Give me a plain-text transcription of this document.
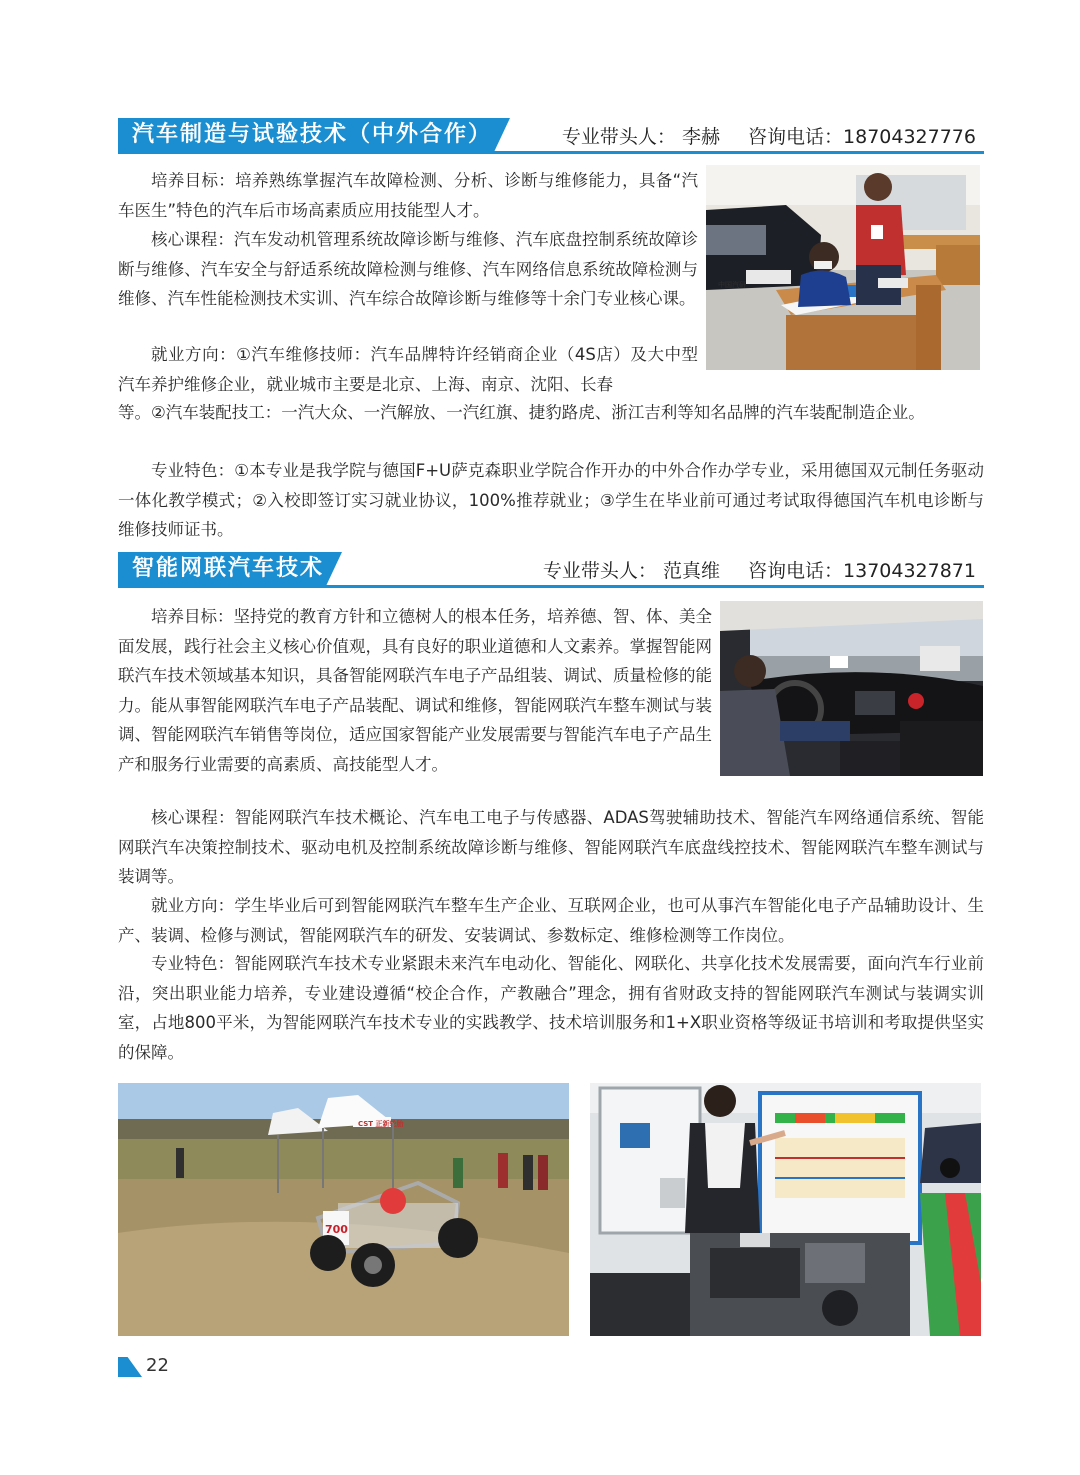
汽车制造与试验技术（中外合作）	专业带头人： 李赫 咨询电话：18704327776

培养目标：培养熟练掌握汽车故障检测、分析、诊断与维修能力，具备“汽车医生”特色的汽车后市场高素质应用技能型人才。

核心课程：汽车发动机管理系统故障诊断与维修、汽车底盘控制系统故障诊断与维修、汽车安全与舒适系统故障检测与维修、汽车网络信息系统故障检测与维修、汽车性能检测技术实训、汽车综合故障诊断与维修等十余门专业核心课。

就业方向：①汽车维修技师：汽车品牌特许经销商企业（4S店）及大中型汽车养护维修企业，就业城市主要是北京、上海、南京、沈阳、长春

等。②汽车装配技工：一汽大众、一汽解放、一汽红旗、捷豹路虎、浙江吉利等知名品牌的汽车装配制造企业。

专业特色：①本专业是我学院与德国F+U萨克森职业学院合作开办的中外合作办学专业，采用德国双元制任务驱动一体化教学模式；②入校即签订实习就业协议，100%推荐就业；③学生在毕业前可通过考试取得德国汽车机电诊断与维修技师证书。

中国汽研
智能网联汽车技术	专业带头人： 范真维 咨询电话：13704327871

培养目标：坚持党的教育方针和立德树人的根本任务，培养德、智、体、美全面发展，践行社会主义核心价值观，具有良好的职业道德和人文素养。掌握智能网联汽车技术领域基本知识，具备智能网联汽车电子产品组装、调试、质量检修的能力。能从事智能网联汽车电子产品装配、调试和维修，智能网联汽车整车测试与装调、智能网联汽车销售等岗位，适应国家智能产业发展需要与智能汽车电子产品生产和服务行业需要的高素质、高技能型人才。

核心课程：智能网联汽车技术概论、汽车电工电子与传感器、ADAS驾驶辅助技术、智能汽车网络通信系统、智能网联汽车决策控制技术、驱动电机及控制系统故障诊断与维修、智能网联汽车底盘线控技术、智能网联汽车整车测试与装调等。

就业方向：学生毕业后可到智能网联汽车整车生产企业、互联网企业，也可从事汽车智能化电子产品辅助设计、生产、装调、检修与测试，智能网联汽车的研发、安装调试、参数标定、维修检测等工作岗位。

专业特色：智能网联汽车技术专业紧跟未来汽车电动化、智能化、网联化、共享化技术发展需要，面向汽车行业前沿，突出职业能力培养，专业建设遵循“校企合作，产教融合”理念，拥有省财政支持的智能网联汽车测试与装调实训室，占地800平米，为智能网联汽车技术专业的实践教学、技术培训服务和1+X职业资格等级证书培训和考取提供坚实的保障。

CST 正新轮胎
700
22
